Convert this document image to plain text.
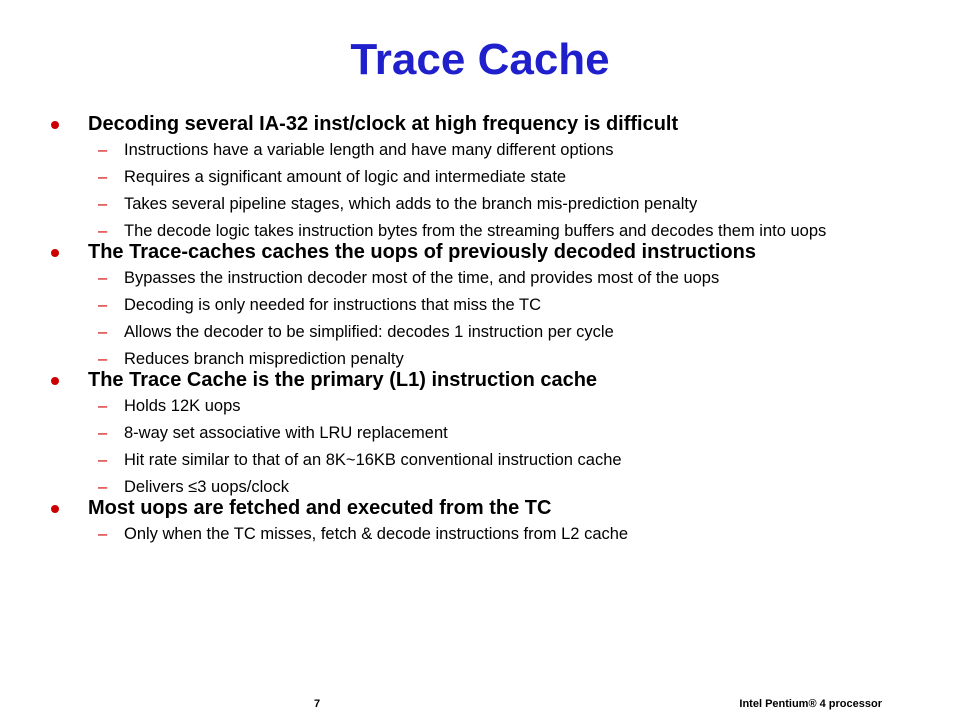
Trace Cache
Decoding several IA-32 inst/clock at high frequency is difficult
– Instructions have a variable length and have many different options
– Requires a significant amount of logic and intermediate state
– Takes several pipeline stages, which adds to the branch mis-prediction penalty
– The decode logic takes instruction bytes from the streaming buffers and decodes them into uops
The Trace-caches caches the uops of previously decoded instructions
– Bypasses the instruction decoder most of the time, and provides most of the uops
– Decoding is only needed for instructions that miss the TC
– Allows the decoder to be simplified: decodes 1 instruction per cycle
– Reduces branch misprediction penalty
The Trace Cache is the primary (L1) instruction cache
– Holds 12K uops
– 8-way set associative with LRU replacement
– Hit rate similar to that of an 8K~16KB conventional instruction cache
– Delivers ≤3 uops/clock
Most uops are fetched and executed from the TC
– Only when the TC misses, fetch & decode instructions from L2 cache
7	Intel Pentium® 4 processor
